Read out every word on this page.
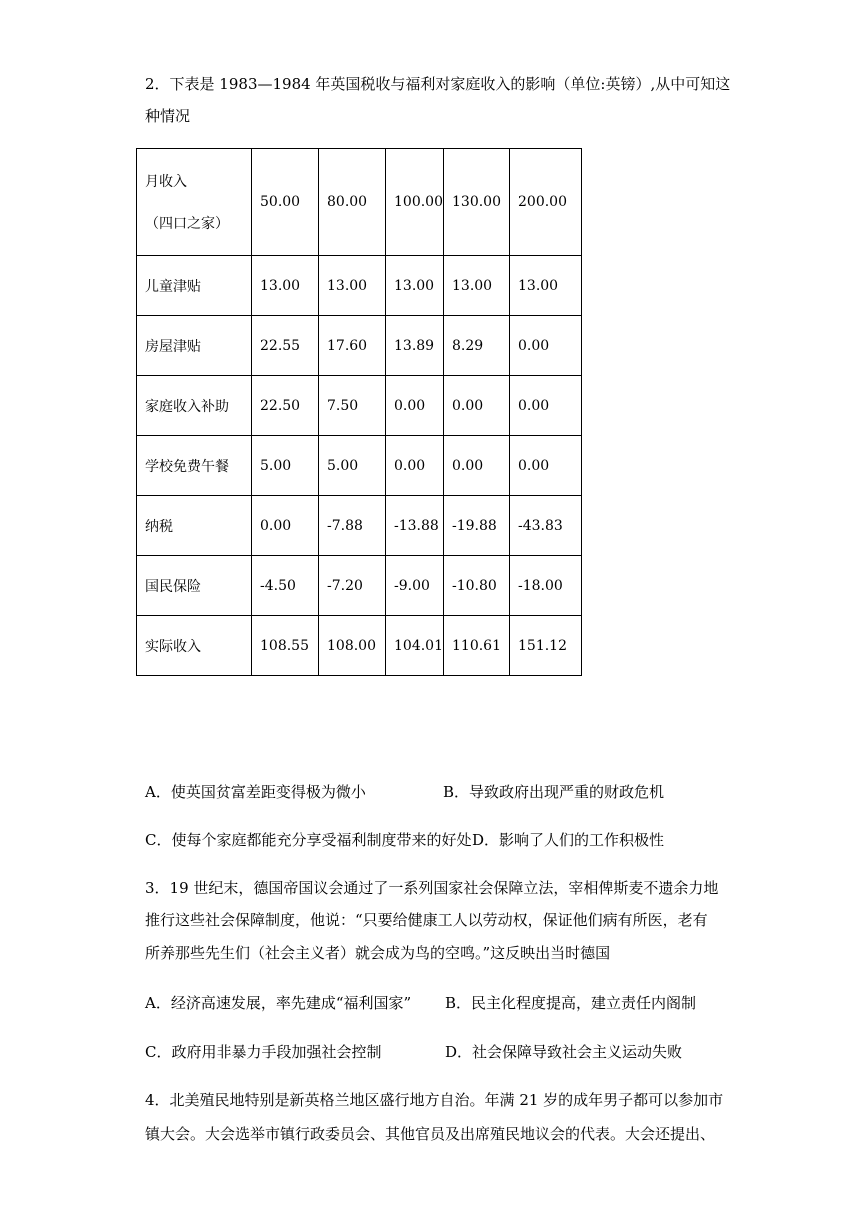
2．下表是 1983—1984 年英国税收与福利对家庭收入的影响（单位:英镑）,从中可知这
种情况
月收入
（四口之家）	50.00	80.00	100.00	130.00	200.00
儿童津贴	13.00	13.00	13.00	13.00	13.00
房屋津贴	22.55	17.60	13.89	8.29	0.00
家庭收入补助	22.50	7.50	0.00	0.00	0.00
学校免费午餐	5.00	5.00	0.00	0.00	0.00
纳税	0.00	-7.88	-13.88	-19.88	-43.83
国民保险	-4.50	-7.20	-9.00	-10.80	-18.00
实际收入	108.55	108.00	104.01	110.61	151.12
A．使英国贫富差距变得极为微小	B．导致政府出现严重的财政危机
C．使每个家庭都能充分享受福利制度带来的好处 D．影响了人们的工作积极性
3．19 世纪末，德国帝国议会通过了一系列国家社会保障立法，宰相俾斯麦不遗余力地
推行这些社会保障制度，他说：“只要给健康工人以劳动权，保证他们病有所医，老有
所养那些先生们（社会主义者）就会成为鸟的空鸣。”这反映出当时德国
A．经济高速发展，率先建成“福利国家” B．民主化程度提高，建立责任内阁制
C．政府用非暴力手段加强社会控制	D．社会保障导致社会主义运动失败
4．北美殖民地特别是新英格兰地区盛行地方自治。年满 21 岁的成年男子都可以参加市
镇大会。大会选举市镇行政委员会、其他官员及出席殖民地议会的代表。大会还提出、
